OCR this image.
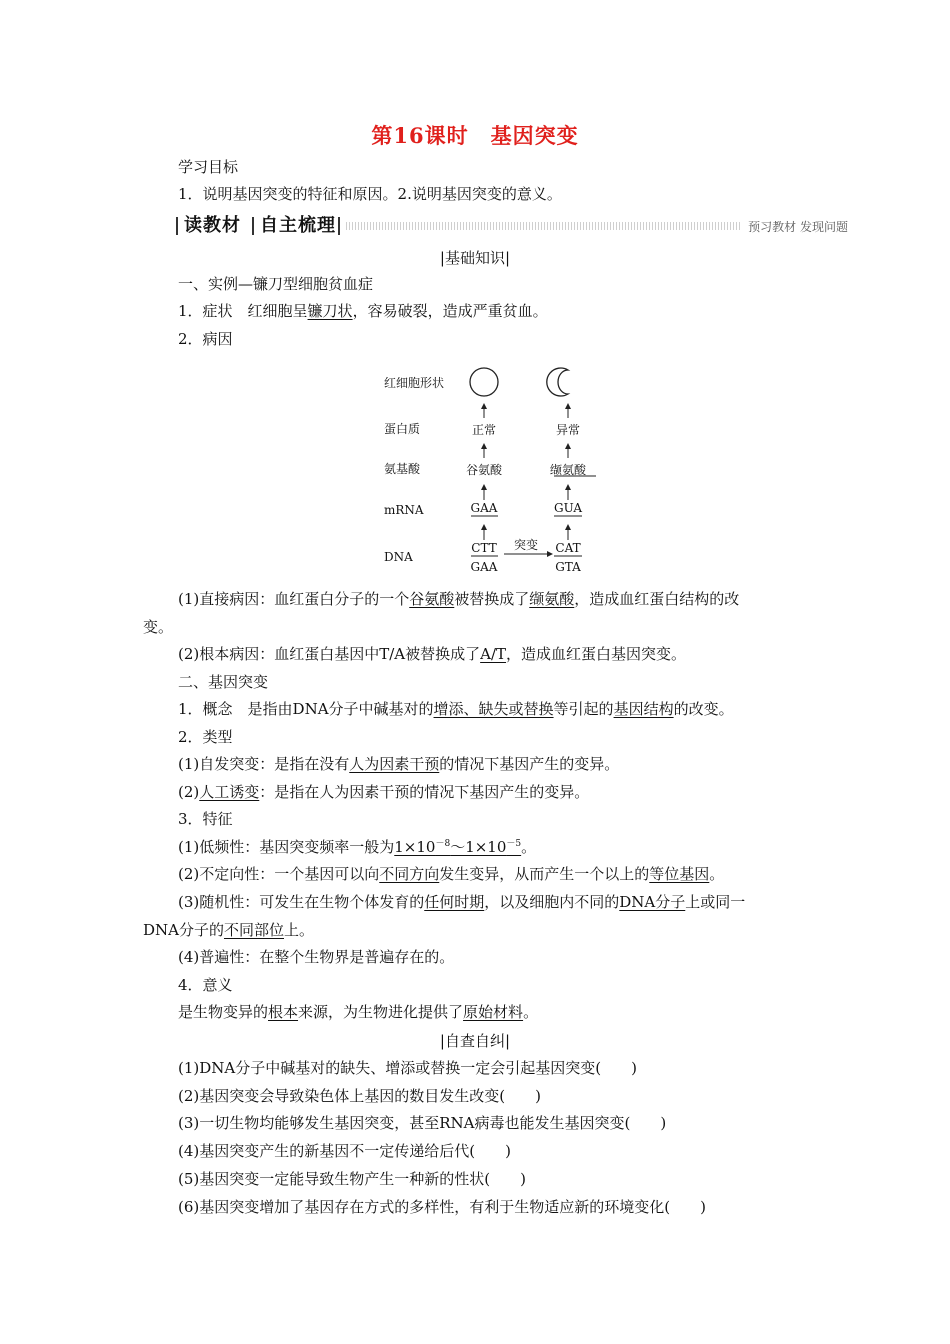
第16课时 基因突变
学习目标
1．说明基因突变的特征和原因。2.说明基因突变的意义。
读教材 自主梳理	预习教材 发现问题
|基础知识|
一、实例—镰刀型细胞贫血症
1．症状　红细胞呈镰刀状，容易破裂，造成严重贫血。
2．病因
红细胞形状
蛋白质
氨基酸
mRNA
DNA
正常
谷氨酸
GAA
CTT
GAA
异常
缬氨酸
GUA
CAT
GTA
突变
(1)直接病因：血红蛋白分子的一个谷氨酸被替换成了缬氨酸，造成血红蛋白结构的改
变。
(2)根本病因：血红蛋白基因中T/A被替换成了A/T，造成血红蛋白基因突变。
二、基因突变
1．概念　是指由DNA分子中碱基对的增添、缺失或替换等引起的基因结构的改变。
2．类型
(1)自发突变：是指在没有人为因素干预的情况下基因产生的变异。
(2)人工诱变：是指在人为因素干预的情况下基因产生的变异。
3．特征
(1)低频性：基因突变频率一般为$1\times 10^{-8}\sim 1\times 10^{-5}$。
(2)不定向性：一个基因可以向不同方向发生变异，从而产生一个以上的等位基因。
(3)随机性：可发生在生物个体发育的任何时期，以及细胞内不同的DNA分子上或同一
DNA分子的不同部位上。
(4)普遍性：在整个生物界是普遍存在的。
4．意义
是生物变异的根本来源，为生物进化提供了原始材料。
|自查自纠|
(1)DNA分子中碱基对的缺失、增添或替换一定会引起基因突变(　　)
(2)基因突变会导致染色体上基因的数目发生改变(　　)
(3)一切生物均能够发生基因突变，甚至RNA病毒也能发生基因突变(　　)
(4)基因突变产生的新基因不一定传递给后代(　　)
(5)基因突变一定能导致生物产生一种新的性状(　　)
(6)基因突变增加了基因存在方式的多样性，有利于生物适应新的环境变化(　　)
